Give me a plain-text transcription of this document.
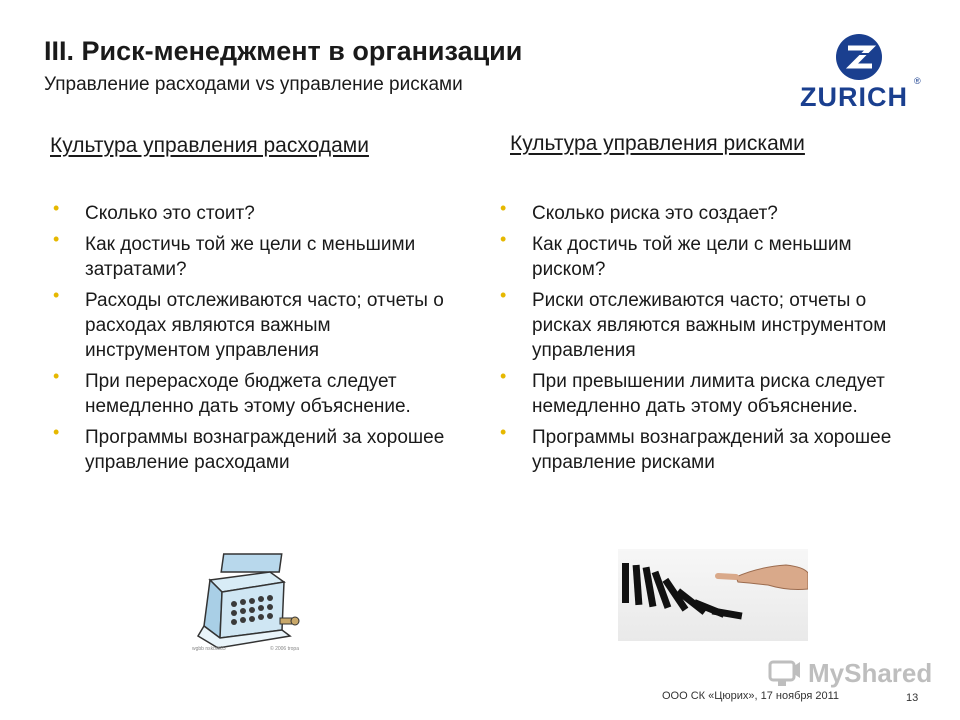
III. Риск-менеджмент в организации
Управление расходами vs управление рисками	ZURICH
®
Культура управления расходами	Культура управления рисками
• Сколько это стоит?
• Как достичь той же цели с меньшими затратами?
• Расходы отслеживаются часто; отчеты о расходах являются важным инструментом управления
• При перерасходе бюджета следует немедленно дать этому объяснение.
• Программы вознаграждений за хорошее управление расходами
• Сколько риска это создает?
• Как достичь той же цели с меньшим риском?
• Риски отслеживаются часто; отчеты о рисках являются важным инструментом управления
• При превышении лимита риска следует немедленно дать этому объяснение.
• Программы вознаграждений за хорошее управление рисками
wgbb nskbf885	© 2006 tropa
MyShared
ООО СК «Цюрих», 17 ноября 2011	13
